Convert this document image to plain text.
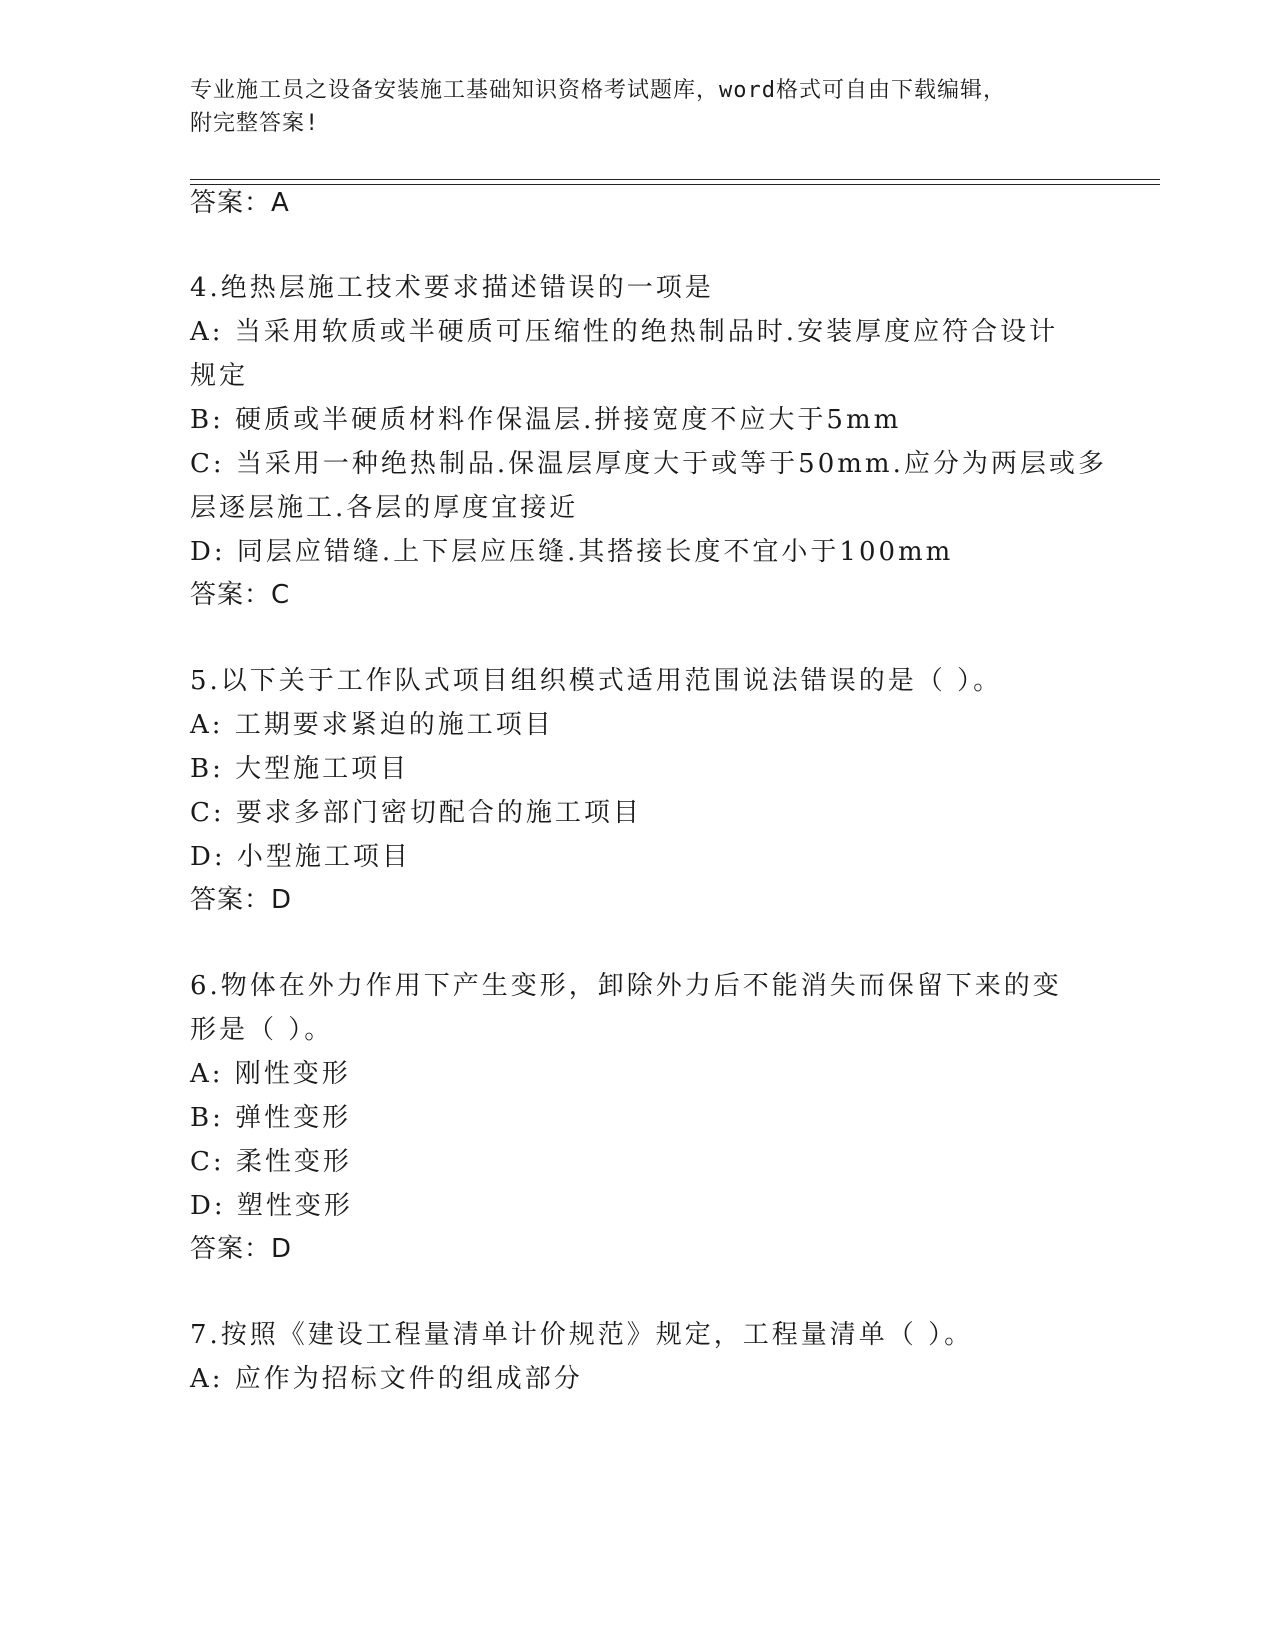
专业施工员之设备安装施工基础知识资格考试题库，word格式可自由下载编辑，
附完整答案!
答案：A
4.绝热层施工技术要求描述错误的一项是
A: 当采用软质或半硬质可压缩性的绝热制品时.安装厚度应符合设计
规定
B: 硬质或半硬质材料作保温层.拼接宽度不应大于5mm
C: 当采用一种绝热制品.保温层厚度大于或等于50mm.应分为两层或多
层逐层施工.各层的厚度宜接近
D: 同层应错缝.上下层应压缝.其搭接长度不宜小于100mm
答案：C
5.以下关于工作队式项目组织模式适用范围说法错误的是（ ）。
A: 工期要求紧迫的施工项目
B: 大型施工项目
C: 要求多部门密切配合的施工项目
D: 小型施工项目
答案：D
6.物体在外力作用下产生变形，卸除外力后不能消失而保留下来的变
形是（ ）。
A: 刚性变形
B: 弹性变形
C: 柔性变形
D: 塑性变形
答案：D
7.按照《建设工程量清单计价规范》规定，工程量清单（ ）。
A: 应作为招标文件的组成部分
